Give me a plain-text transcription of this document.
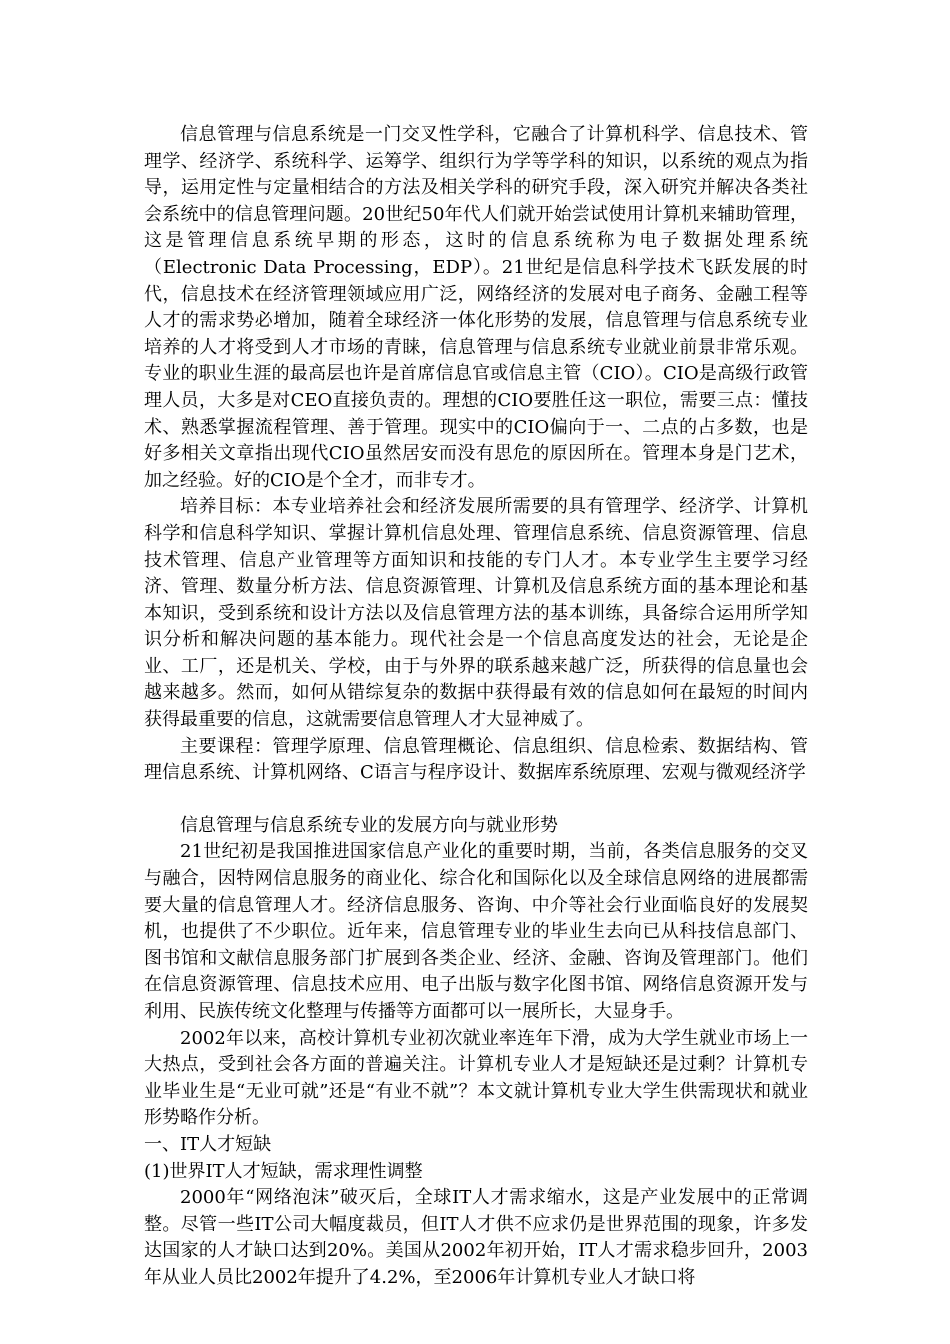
信息管理与信息系统是一门交叉性学科，它融合了计算机科学、信息技术、管理学、经济学、系统科学、运筹学、组织行为学等学科的知识，以系统的观点为指导，运用定性与定量相结合的方法及相关学科的研究手段，深入研究并解决各类社会系统中的信息管理问题。20世纪50年代人们就开始尝试使用计算机来辅助管理，这是管理信息系统早期的形态，这时的信息系统称为电子数据处理系统（Electronic Data Processing，EDP）。21世纪是信息科学技术飞跃发展的时代，信息技术在经济管理领域应用广泛，网络经济的发展对电子商务、金融工程等人才的需求势必增加，随着全球经济一体化形势的发展，信息管理与信息系统专业培养的人才将受到人才市场的青睐，信息管理与信息系统专业就业前景非常乐观。专业的职业生涯的最高层也许是首席信息官或信息主管（CIO）。CIO是高级行政管理人员，大多是对CEO直接负责的。理想的CIO要胜任这一职位，需要三点：懂技术、熟悉掌握流程管理、善于管理。现实中的CIO偏向于一、二点的占多数，也是好多相关文章指出现代CIO虽然居安而没有思危的原因所在。管理本身是门艺术，加之经验。好的CIO是个全才，而非专才。

培养目标：本专业培养社会和经济发展所需要的具有管理学、经济学、计算机科学和信息科学知识、掌握计算机信息处理、管理信息系统、信息资源管理、信息技术管理、信息产业管理等方面知识和技能的专门人才。本专业学生主要学习经济、管理、数量分析方法、信息资源管理、计算机及信息系统方面的基本理论和基本知识，受到系统和设计方法以及信息管理方法的基本训练，具备综合运用所学知识分析和解决问题的基本能力。现代社会是一个信息高度发达的社会，无论是企业、工厂，还是机关、学校，由于与外界的联系越来越广泛，所获得的信息量也会越来越多。然而，如何从错综复杂的数据中获得最有效的信息如何在最短的时间内获得最重要的信息，这就需要信息管理人才大显神威了。

主要课程：管理学原理、信息管理概论、信息组织、信息检索、数据结构、管理信息系统、计算机网络、C语言与程序设计、数据库系统原理、宏观与微观经济学

信息管理与信息系统专业的发展方向与就业形势

21世纪初是我国推进国家信息产业化的重要时期，当前，各类信息服务的交叉与融合，因特网信息服务的商业化、综合化和国际化以及全球信息网络的进展都需要大量的信息管理人才。经济信息服务、咨询、中介等社会行业面临良好的发展契机，也提供了不少职位。近年来，信息管理专业的毕业生去向已从科技信息部门、图书馆和文献信息服务部门扩展到各类企业、经济、金融、咨询及管理部门。他们在信息资源管理、信息技术应用、电子出版与数字化图书馆、网络信息资源开发与利用、民族传统文化整理与传播等方面都可以一展所长，大显身手。

2002年以来，高校计算机专业初次就业率连年下滑，成为大学生就业市场上一大热点，受到社会各方面的普遍关注。计算机专业人才是短缺还是过剩？计算机专业毕业生是“无业可就”还是“有业不就”？本文就计算机专业大学生供需现状和就业形势略作分析。

一、IT人才短缺

(1)世界IT人才短缺，需求理性调整

2000年“网络泡沫”破灭后，全球IT人才需求缩水，这是产业发展中的正常调整。尽管一些IT公司大幅度裁员，但IT人才供不应求仍是世界范围的现象，许多发达国家的人才缺口达到20%。美国从2002年初开始，IT人才需求稳步回升，2003年从业人员比2002年提升了4.2%，至2006年计算机专业人才缺口将
